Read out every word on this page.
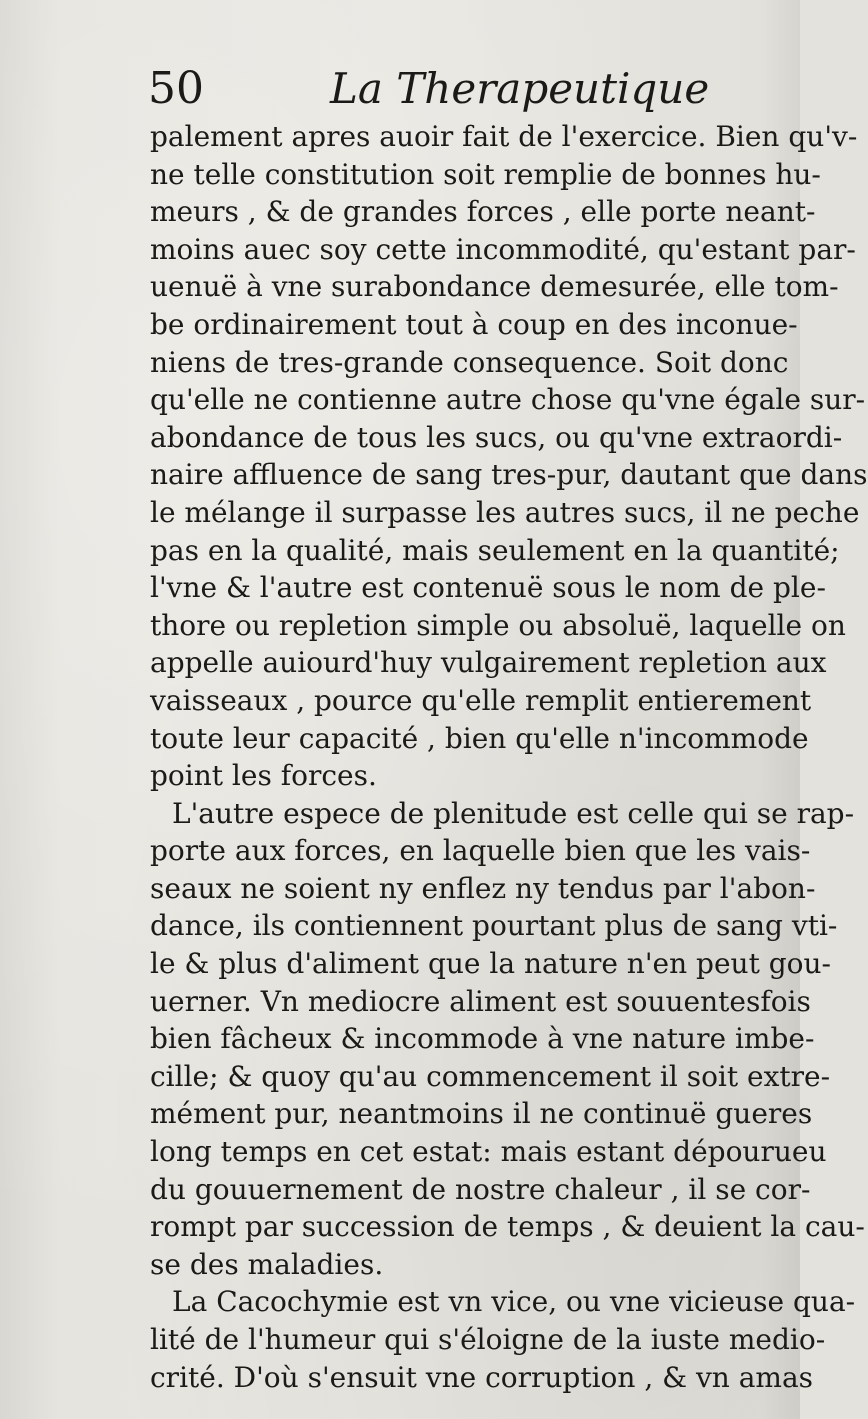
​
50	La Therapeutique
palement apres auoir fait de l'exercice. Bien qu'v-
ne telle constitution soit remplie de bonnes hu-
meurs , & de grandes forces , elle porte neant-
moins auec soy cette incommodité, qu'estant par-
uenuë à vne surabondance demesurée, elle tom-
be ordinairement tout à coup en des inconue-
niens de tres-grande consequence. Soit donc
qu'elle ne contienne autre chose qu'vne égale sur-
abondance de tous les sucs, ou qu'vne extraordi-
naire affluence de sang tres-pur, dautant que dans
le mélange il surpasse les autres sucs, il ne peche
pas en la qualité, mais seulement en la quantité;
l'vne & l'autre est contenuë sous le nom de ple-
thore ou repletion simple ou absoluë, laquelle on
appelle auiourd'huy vulgairement repletion aux
vaisseaux , pource qu'elle remplit entierement
toute leur capacité , bien qu'elle n'incommode
point les forces.
L'autre espece de plenitude est celle qui se rap-
porte aux forces, en laquelle bien que les vais-
seaux ne soient ny enflez ny tendus par l'abon-
dance, ils contiennent pourtant plus de sang vti-
le & plus d'aliment que la nature n'en peut gou-
uerner. Vn mediocre aliment est souuentesfois
bien fâcheux & incommode à vne nature imbe-
cille; & quoy qu'au commencement il soit extre-
mément pur, neantmoins il ne continuë gueres
long temps en cet estat: mais estant dépourueu
du gouuernement de nostre chaleur , il se cor-
rompt par succession de temps , & deuient la cau-
se des maladies.
La Cacochymie est vn vice, ou vne vicieuse qua-
lité de l'humeur qui s'éloigne de la iuste medio-
crité. D'où s'ensuit vne corruption , & vn amas
